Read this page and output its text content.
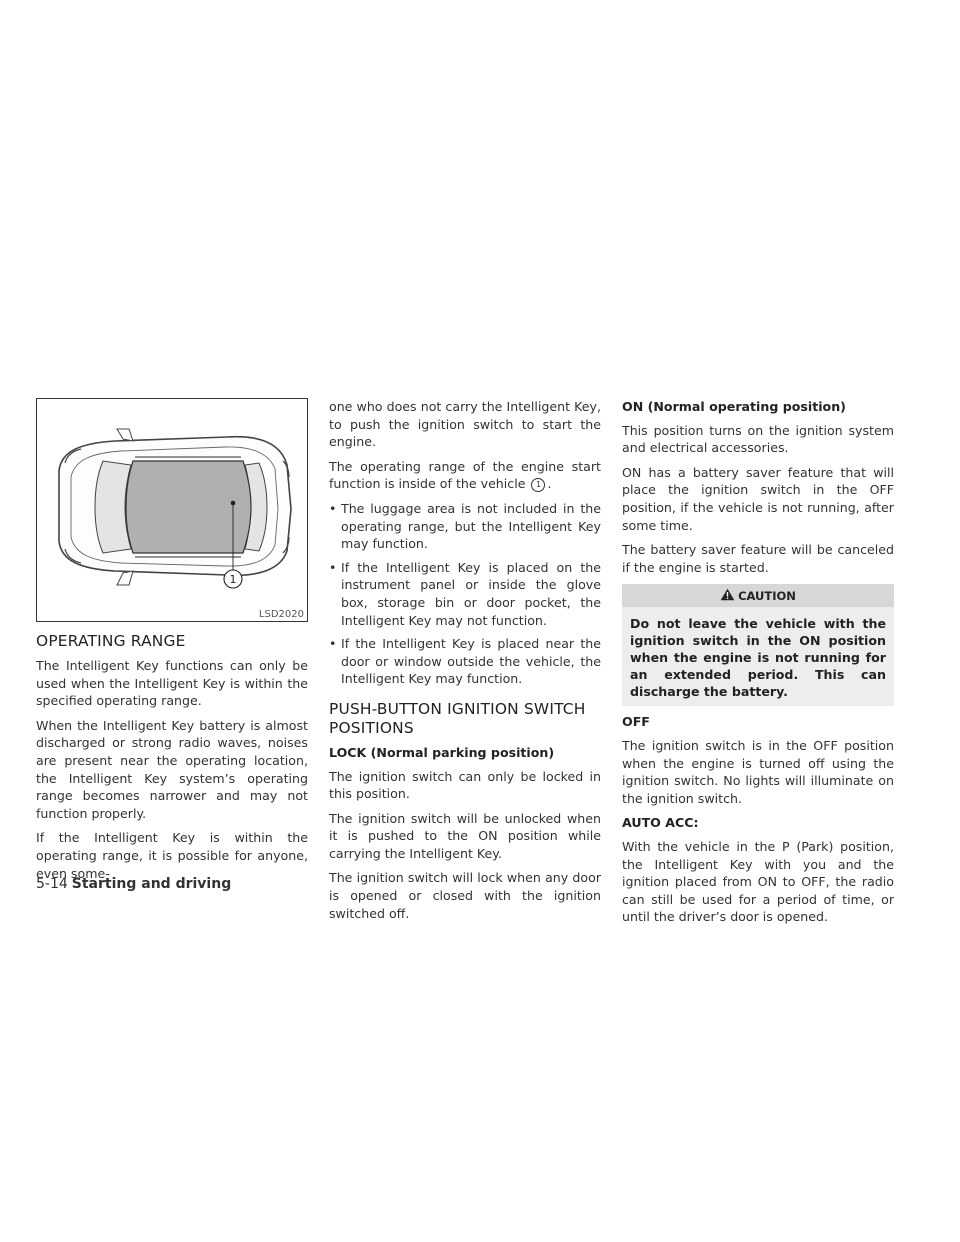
1
LSD2020
OPERATING RANGE

The Intelligent Key functions can only be used when the Intelligent Key is within the specified operating range.

When the Intelligent Key battery is almost discharged or strong radio waves, noises are present near the operating location, the Intelligent Key system’s operating range becomes narrower and may not function properly.

If the Intelligent Key is within the operating range, it is possible for anyone, even some-

one who does not carry the Intelligent Key, to push the ignition switch to start the engine.

The operating range of the engine start function is inside of the vehicle 1 .

• The luggage area is not included in the operating range, but the Intelligent Key may function.
• If the Intelligent Key is placed on the instrument panel or inside the glove box, storage bin or door pocket, the Intelligent Key may not function.
• If the Intelligent Key is placed near the door or window outside the vehicle, the Intelligent Key may function.
PUSH-BUTTON IGNITION SWITCH POSITIONS
LOCK (Normal parking position)

The ignition switch can only be locked in this position.

The ignition switch will be unlocked when it is pushed to the ON position while carrying the Intelligent Key.

The ignition switch will lock when any door is opened or closed with the ignition switched off.

ON (Normal operating position)

This position turns on the ignition system and electrical accessories.

ON has a battery saver feature that will place the ignition switch in the OFF position, if the vehicle is not running, after some time.

The battery saver feature will be canceled if the engine is started.

CAUTION
Do not leave the vehicle with the ignition switch in the ON position when the engine is not running for an extended period. This can discharge the battery.
OFF

The ignition switch is in the OFF position when the engine is turned off using the ignition switch. No lights will illuminate on the ignition switch.

AUTO ACC:

With the vehicle in the P (Park) position, the Intelligent Key with you and the ignition placed from ON to OFF, the radio can still be used for a period of time, or until the driver’s door is opened.

5-14 Starting and driving
